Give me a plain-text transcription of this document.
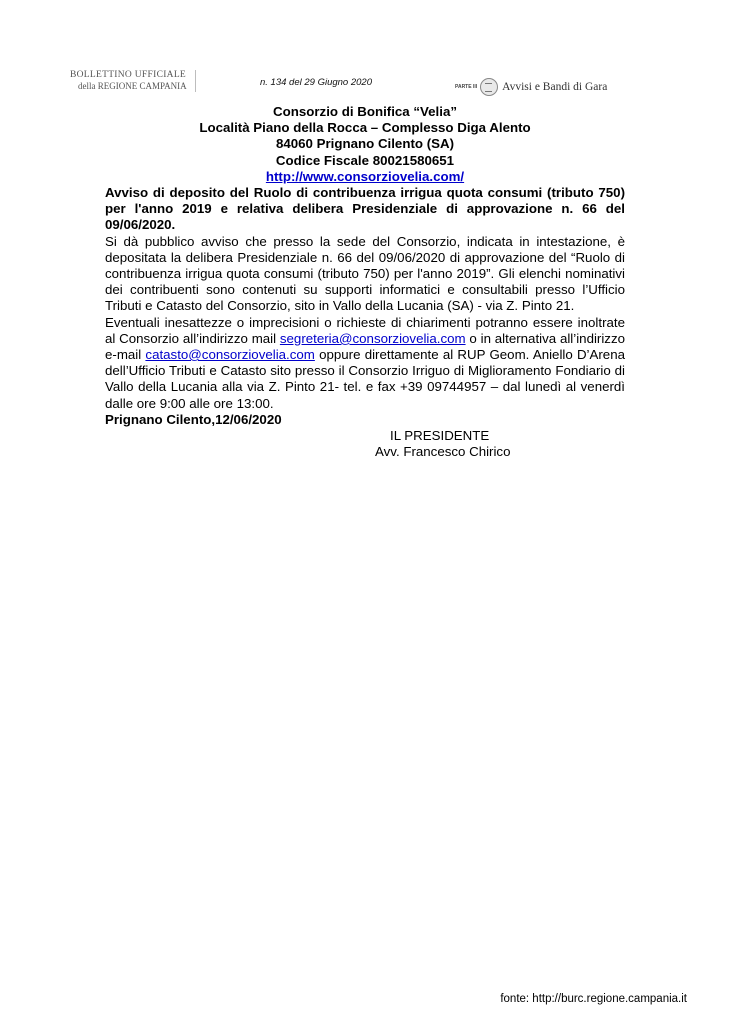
BOLLETTINO UFFICIALE
della REGIONE CAMPANIA	n. 134 del 29 Giugno 2020	PARTE III Avvisi e Bandi di Gara
Consorzio di Bonifica “Velia”
Località Piano della Rocca – Complesso Diga Alento
84060 Prignano Cilento (SA)
Codice Fiscale 80021580651
http://www.consorziovelia.com/

Avviso di deposito del Ruolo di contribuenza irrigua quota consumi (tributo 750) per l'anno 2019 e relativa delibera Presidenziale di approvazione n. 66 del 09/06/2020.

Si dà pubblico avviso che presso la sede del Consorzio, indicata in intestazione, è depositata la delibera Presidenziale n. 66 del 09/06/2020 di approvazione del “Ruolo di contribuenza irrigua quota consumi (tributo 750) per l'anno 2019”. Gli elenchi nominativi dei contribuenti sono contenuti su supporti informatici e consultabili presso l’Ufficio Tributi e Catasto del Consorzio, sito in Vallo della Lucania (SA) - via Z. Pinto 21.

Eventuali inesattezze o imprecisioni o richieste di chiarimenti potranno essere inoltrate al Consorzio all’indirizzo mail segreteria@consorziovelia.com o in alternativa all’indirizzo e-mail catasto@consorziovelia.com oppure direttamente al RUP Geom. Aniello D’Arena dell’Ufficio Tributi e Catasto sito presso il Consorzio Irriguo di Miglioramento Fondiario di Vallo della Lucania alla via Z. Pinto 21- tel. e fax +39 09744957 – dal lunedì al venerdì dalle ore 9:00 alle ore 13:00.

Prignano Cilento,12/06/2020
IL PRESIDENTE
Avv. Francesco Chirico
fonte: http://burc.regione.campania.it
